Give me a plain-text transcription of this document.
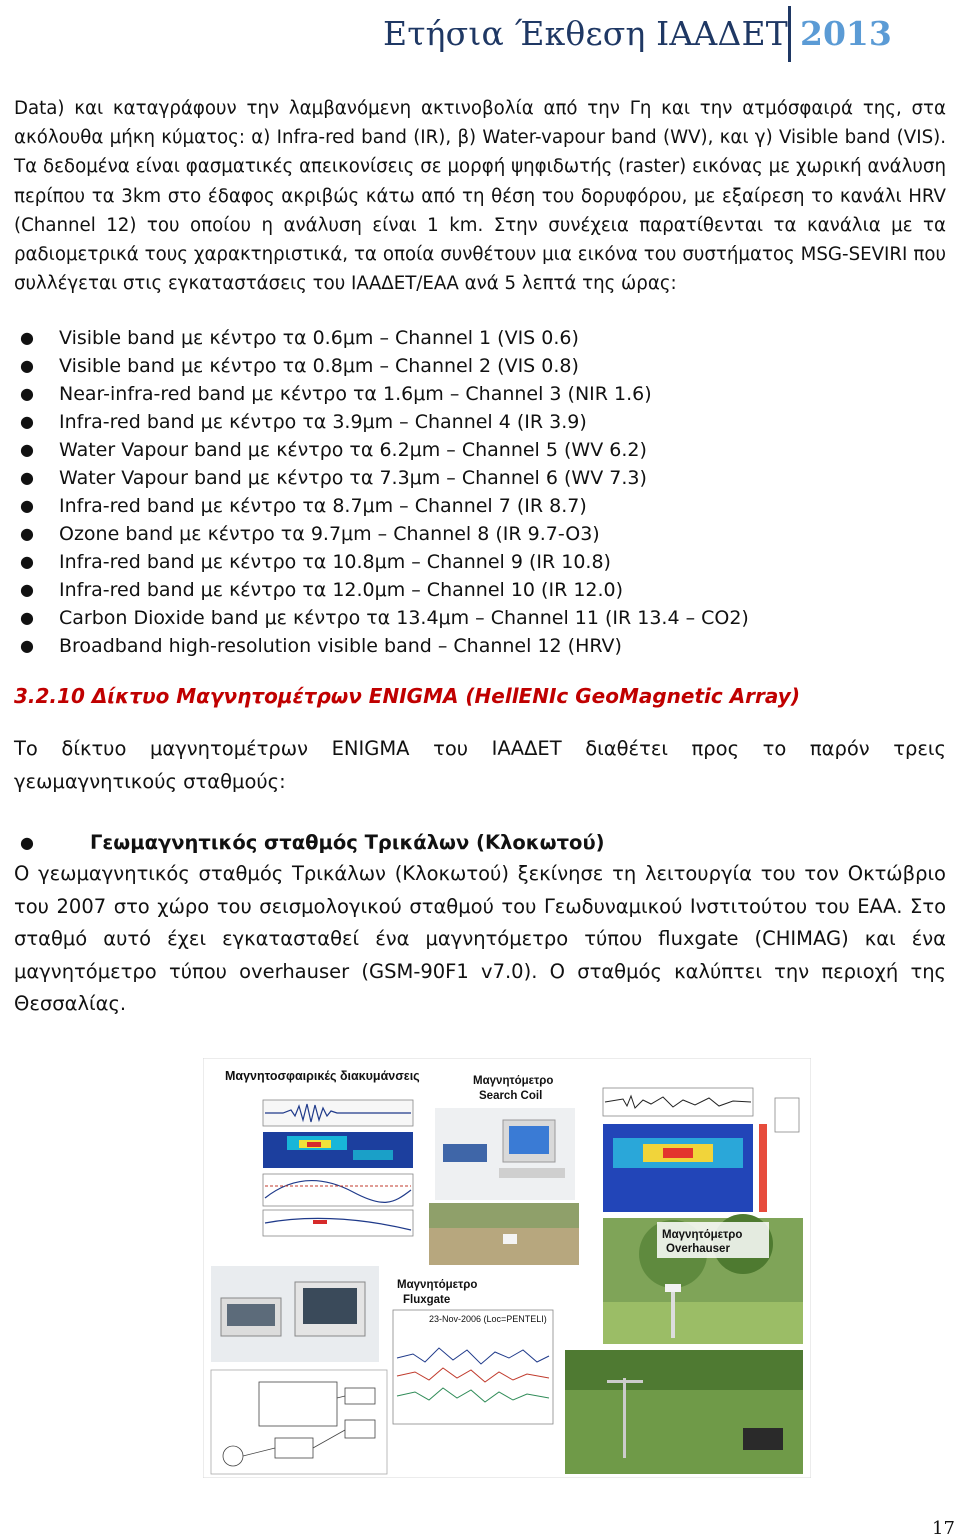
Ετήσια Έκθεση ΙΑΑΔΕΤ 2013

Data) και καταγράφουν την λαμβανόμενη ακτινοβολία από την Γη και την ατμόσφαιρά της, στα ακόλουθα μήκη κύματος: α) Infra-red band (IR), β) Water-vapour band (WV), και γ) Visible band (VIS). Τα δεδομένα είναι φασματικές απεικονίσεις σε μορφή ψηφιδωτής (raster) εικόνας με χωρική ανάλυση περίπου τα 3km στο έδαφος ακριβώς κάτω από τη θέση του δορυφόρου, με εξαίρεση το κανάλι HRV (Channel 12) του οποίου η ανάλυση είναι 1 km. Στην συνέχεια παρατίθενται τα κανάλια με τα ραδιομετρικά τους χαρακτηριστικά, τα οποία συνθέτουν μια εικόνα του συστήματος MSG-SEVIRI που συλλέγεται στις εγκαταστάσεις του ΙΑΑΔΕΤ/ΕΑΑ ανά 5 λεπτά της ώρας:

● Visible band με κέντρο τα 0.6μm – Channel 1 (VIS 0.6)
● Visible band με κέντρο τα 0.8μm – Channel 2 (VIS 0.8)
● Near-infra-red band με κέντρο τα 1.6μm – Channel 3 (NIR 1.6)
● Infra-red band με κέντρο τα 3.9μm – Channel 4 (IR 3.9)
● Water Vapour band με κέντρο τα 6.2μm – Channel 5 (WV 6.2)
● Water Vapour band με κέντρο τα 7.3μm – Channel 6 (WV 7.3)
● Infra-red band με κέντρο τα 8.7μm – Channel 7 (IR 8.7)
● Ozone band με κέντρο τα 9.7μm – Channel 8 (IR 9.7-O3)
● Infra-red band με κέντρο τα 10.8μm – Channel 9 (IR 10.8)
● Infra-red band με κέντρο τα 12.0μm – Channel 10 (IR 12.0)
● Carbon Dioxide band με κέντρο τα 13.4μm – Channel 11 (IR 13.4 – CO2)
● Broadband high-resolution visible band – Channel 12 (HRV)
3.2.10 Δίκτυο Μαγνητομέτρων ENIGMA (HellENIc GeoMagnetic Array)
Το δίκτυο μαγνητομέτρων ENIGMA του ΙΑΑΔΕΤ διαθέτει προς το παρόν τρεις
γεωμαγνητικούς σταθμούς:
●	Γεωμαγνητικός σταθμός Τρικάλων (Κλοκωτού)

Ο γεωμαγνητικός σταθμός Τρικάλων (Κλοκωτού) ξεκίνησε τη λειτουργία του τον Οκτώβριο του 2007 στο χώρο του σεισμολογικού σταθμού του Γεωδυναμικού Ινστιτούτου του ΕΑΑ. Στο σταθμό αυτό έχει εγκατασταθεί ένα μαγνητόμετρο τύπου fluxgate (CHIMAG) και ένα μαγνητόμετρο τύπου overhauser (GSM-90F1 v7.0). Ο σταθμός καλύπτει την περιοχή της Θεσσαλίας.

Μαγνητοσφαιρικές διακυμάνσεις	Μαγνητόμετρο
Search Coil
Μαγνητόμετρο
Overhauser
Μαγνητόμετρο
Fluxgate
23-Nov-2006 (Loc=PENTELI)
17
